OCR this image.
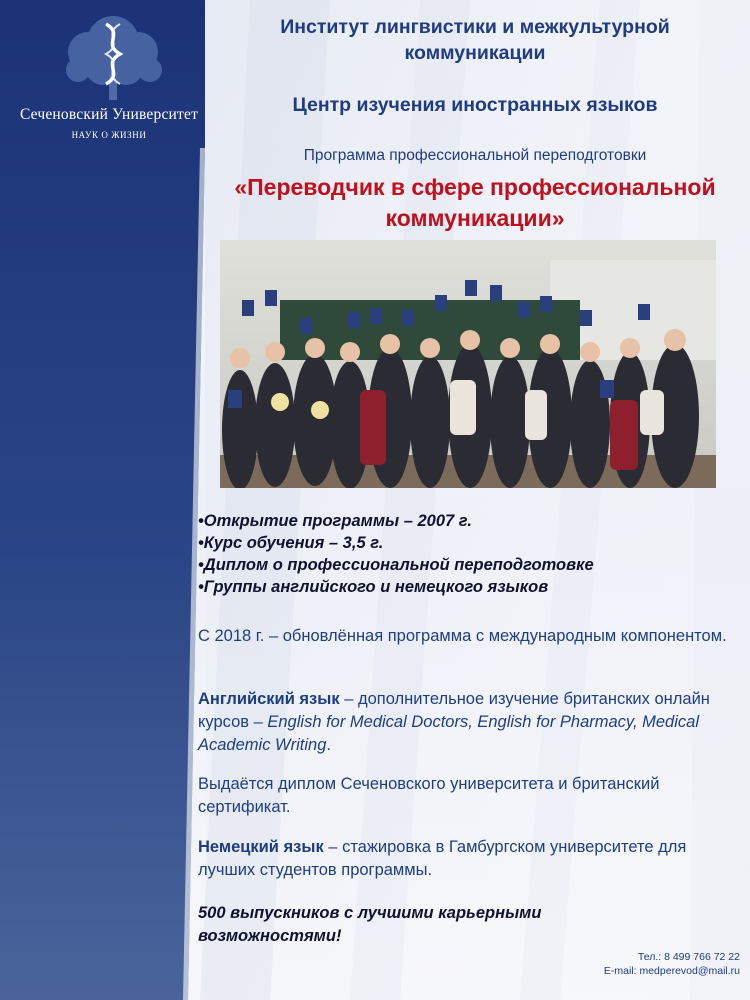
Сеченовский Университет
НАУК О ЖИЗНИ
Институт лингвистики и межкультурной коммуникации
Центр изучения иностранных языков
Программа профессиональной переподготовки
«Переводчик в сфере профессиональной коммуникации»
•Открытие программы – 2007 г.
•Курс обучения – 3,5 г.
•Диплом о профессиональной переподготовке
•Группы английского и немецкого языков

С 2018 г. – обновлённая программа с международным компонентом.

Английский язык – дополнительное изучение британских онлайн курсов – English for Medical Doctors, English for Pharmacy, Medical Academic Writing.

Выдаётся диплом Сеченовского университета и британский сертификат.

Немецкий язык – стажировка в Гамбургском университете для лучших студентов программы.

500 выпускников с лучшими карьерными возможностями!

Тел.: 8 499 766 72 22
E-mail: medperevod@mail.ru
